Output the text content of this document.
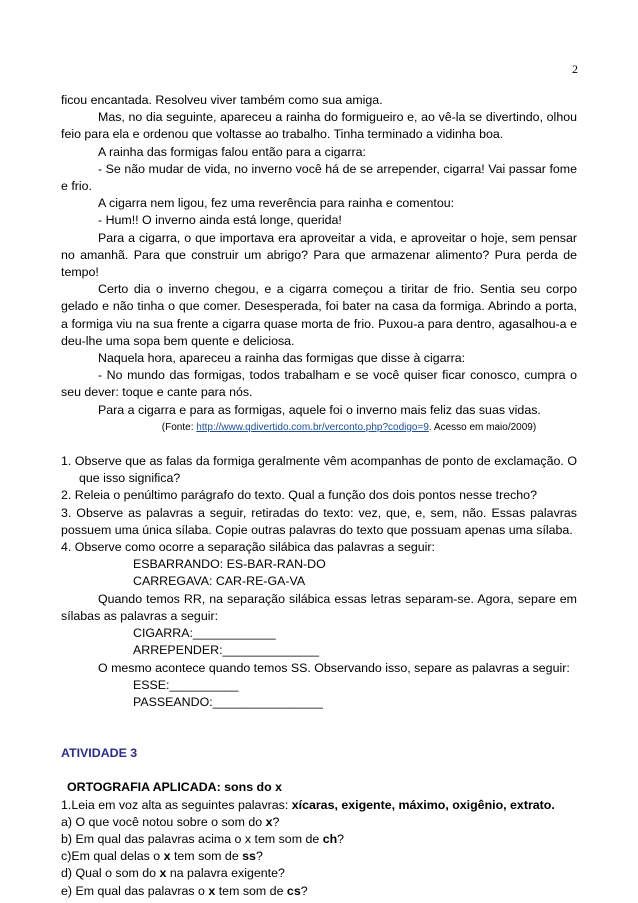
2

ficou encantada. Resolveu viver também como sua amiga.

Mas, no dia seguinte, apareceu a rainha do formigueiro e, ao vê-la se divertindo, olhou feio para ela e ordenou que voltasse ao trabalho. Tinha terminado a vidinha boa.

A rainha das formigas falou então para a cigarra:

- Se não mudar de vida, no inverno você há de se arrepender, cigarra! Vai passar fome e frio.

A cigarra nem ligou, fez uma reverência para rainha e comentou:

- Hum!! O inverno ainda está longe, querida!

Para a cigarra, o que importava era aproveitar a vida, e aproveitar o hoje, sem pensar no amanhã. Para que construir um abrigo? Para que armazenar alimento? Pura perda de tempo!

Certo dia o inverno chegou, e a cigarra começou a tiritar de frio. Sentia seu corpo gelado e não tinha o que comer. Desesperada, foi bater na casa da formiga. Abrindo a porta, a formiga viu na sua frente a cigarra quase morta de frio. Puxou-a para dentro, agasalhou-a e deu-lhe uma sopa bem quente e deliciosa.

Naquela hora, apareceu a rainha das formigas que disse à cigarra:

- No mundo das formigas, todos trabalham e se você quiser ficar conosco, cumpra o seu dever: toque e cante para nós.

Para a cigarra e para as formigas, aquele foi o inverno mais feliz das suas vidas.

(Fonte: http://www.qdivertido.com.br/verconto.php?codigo=9. Acesso em maio/2009)

1. Observe que as falas da formiga geralmente vêm acompanhas de ponto de exclamação. O que isso significa?

2. Releia o penúltimo parágrafo do texto. Qual a função dos dois pontos nesse trecho?

3. Observe as palavras a seguir, retiradas do texto: vez, que, e, sem, não. Essas palavras possuem uma única sílaba. Copie outras palavras do texto que possuam apenas uma sílaba.

4. Observe como ocorre a separação silábica das palavras a seguir:

ESBARRANDO: ES-BAR-RAN-DO

CARREGAVA: CAR-RE-GA-VA

Quando temos RR, na separação silábica essas letras separam-se. Agora, separe em sílabas as palavras a seguir:

CIGARRA:____________

ARREPENDER:______________

O mesmo acontece quando temos SS. Observando isso, separe as palavras a seguir:

ESSE:__________

PASSEANDO:________________

ATIVIDADE 3

ORTOGRAFIA APLICADA: sons do x

1.Leia em voz alta as seguintes palavras: xícaras, exigente, máximo, oxigênio, extrato.

a) O que você notou sobre o som do x?

b) Em qual das palavras acima o x tem som de ch?

c)Em qual delas o x tem som de ss?

d) Qual o som do x na palavra exigente?

e) Em qual das palavras o x tem som de cs?
